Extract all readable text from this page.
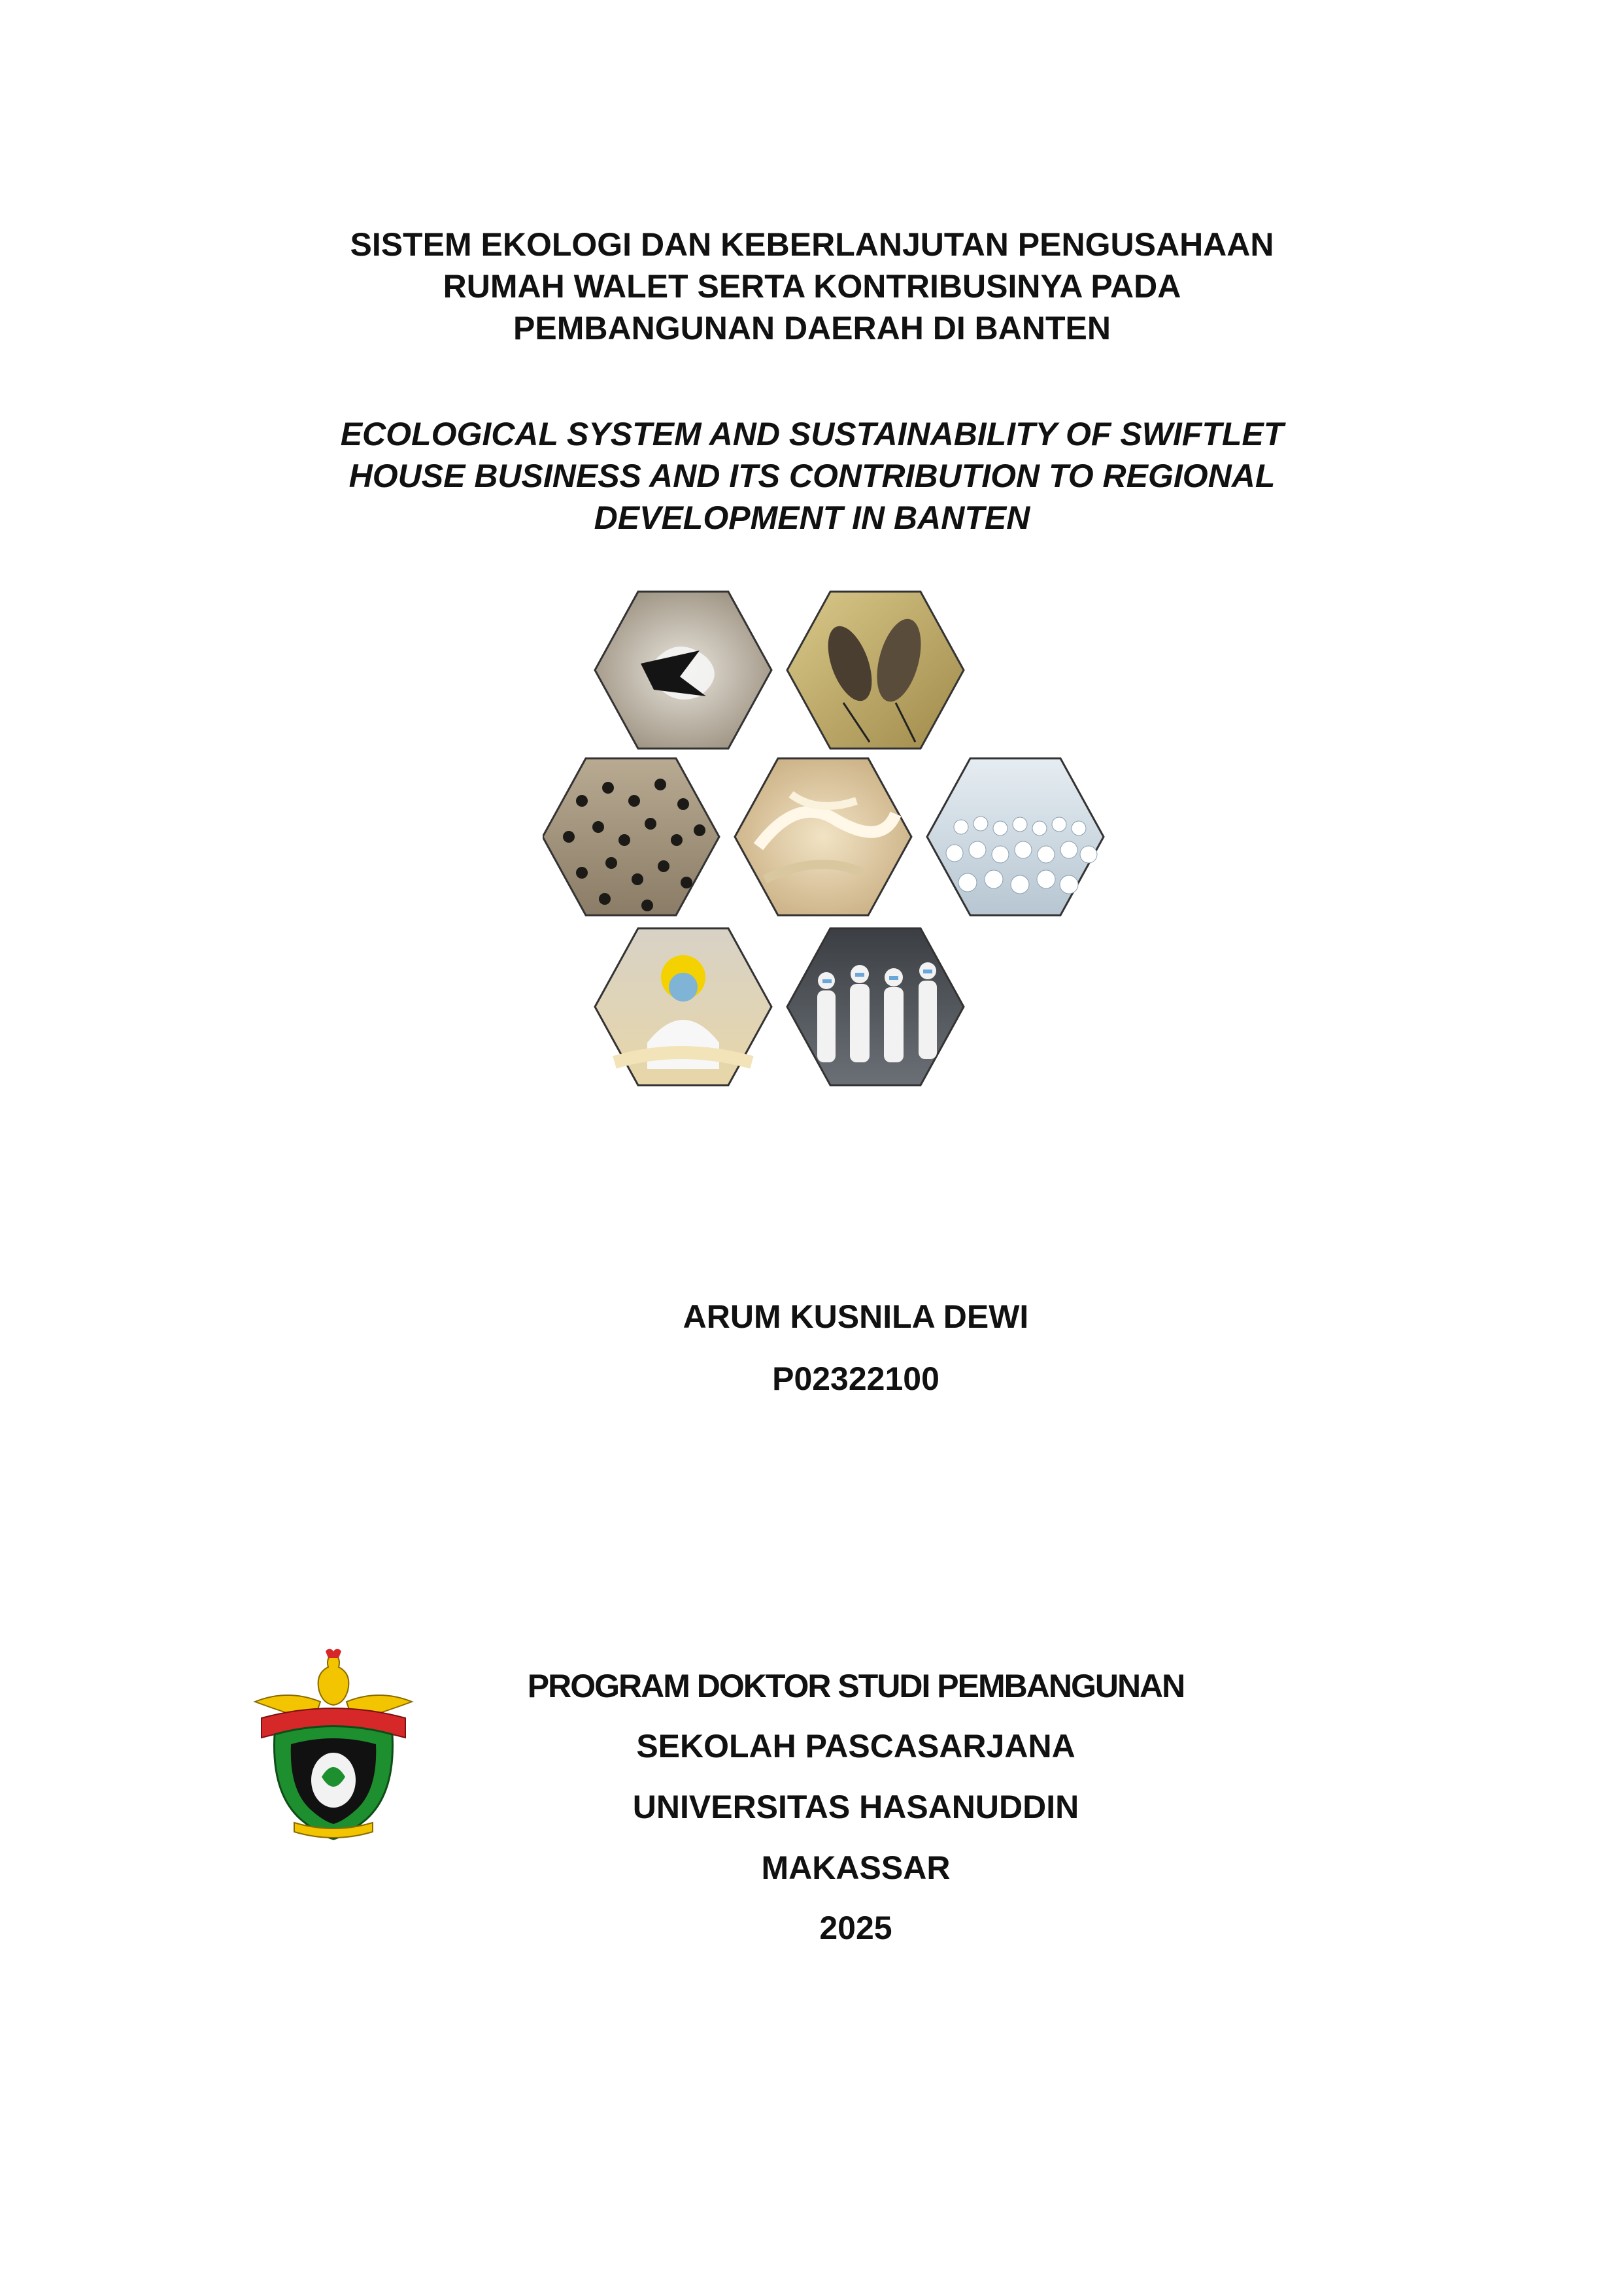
SISTEM EKOLOGI DAN KEBERLANJUTAN PENGUSAHAAN
RUMAH WALET SERTA KONTRIBUSINYA PADA
PEMBANGUNAN DAERAH DI BANTEN
ECOLOGICAL SYSTEM AND SUSTAINABILITY OF SWIFTLET
HOUSE BUSINESS AND ITS CONTRIBUTION TO REGIONAL
DEVELOPMENT IN BANTEN
ARUM KUSNILA DEWI
P02322100
PROGRAM DOKTOR STUDI PEMBANGUNAN
SEKOLAH PASCASARJANA
UNIVERSITAS HASANUDDIN
MAKASSAR
2025
